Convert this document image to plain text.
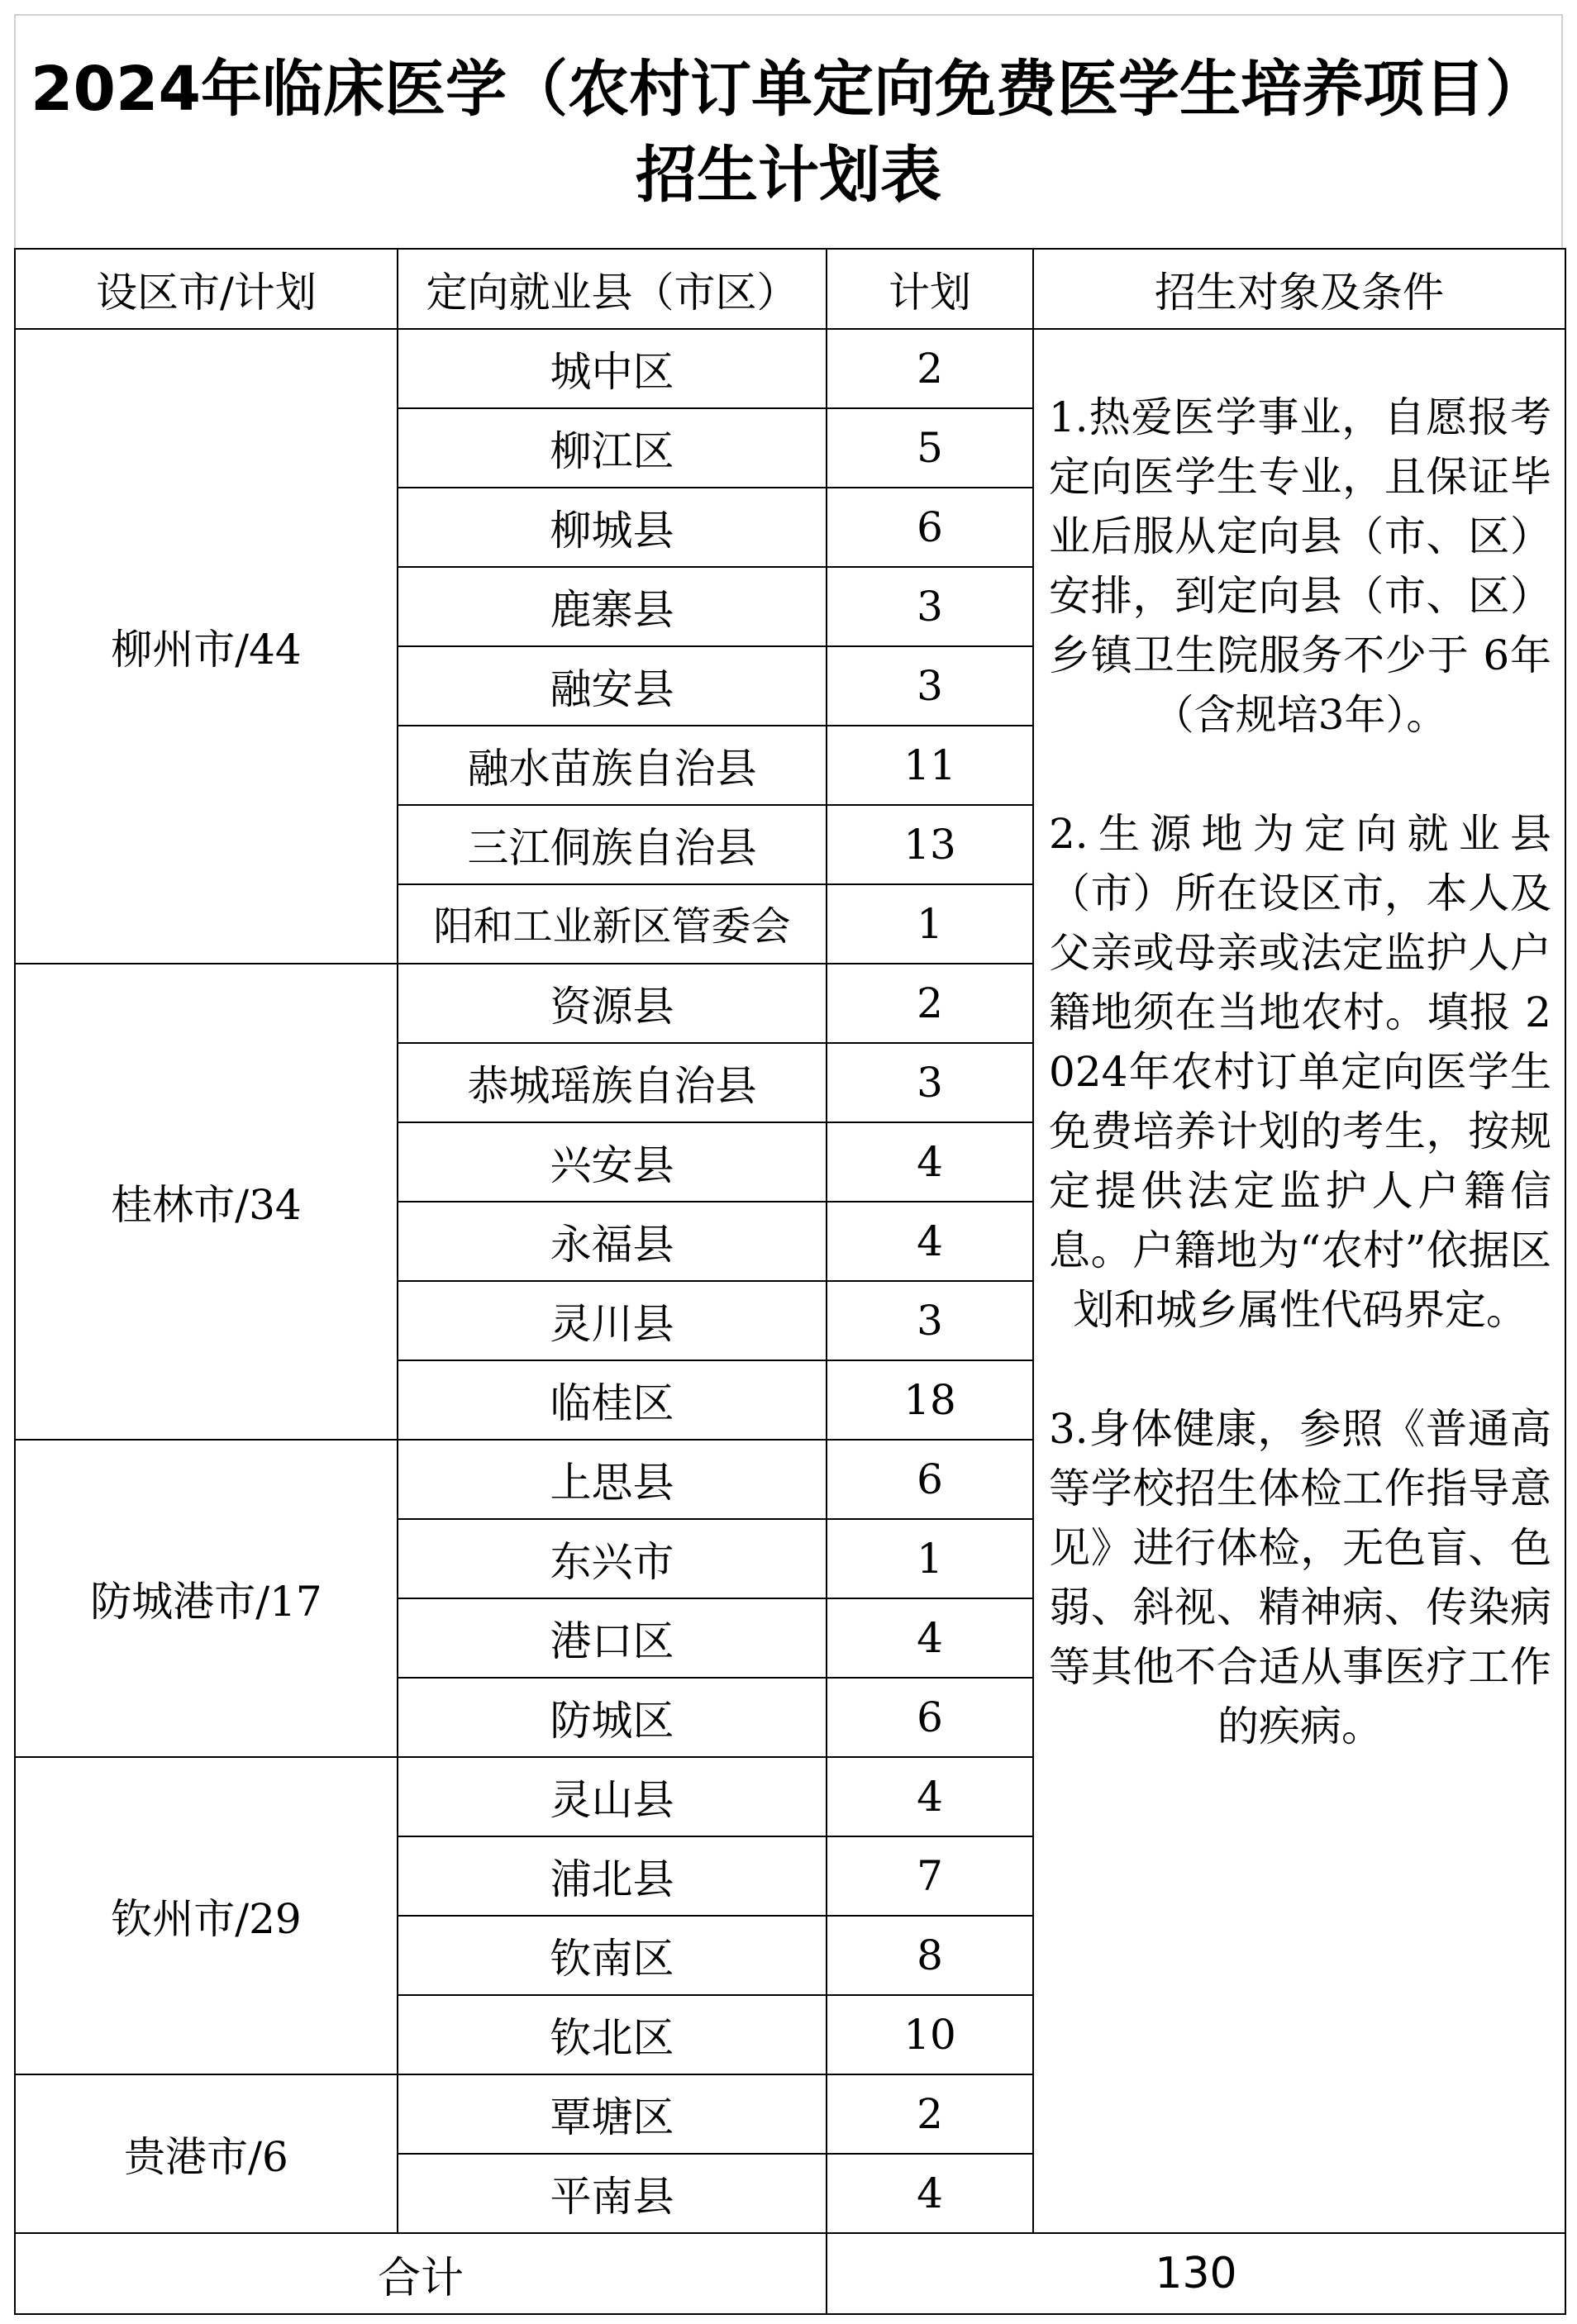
2024年临床医学（农村订单定向免费医学生培养项目）招生计划表
设区市/计划	定向就业县（市区）	计划	招生对象及条件
柳州市/44	城中区	2	1.热爱医学事业，自愿报考定向医学生专业，且保证毕业后服从定向县（市、区）安排，到定向县（市、区）乡镇卫生院服务不少于 6年（含规培3年）。

2.生源地为定向就业县（市）所在设区市，本人及父亲或母亲或法定监护人户籍地须在当地农村。填报 2024年农村订单定向医学生免费培养计划的考生，按规定提供法定监护人户籍信息。户籍地为“农村”依据区划和城乡属性代码界定。

3.身体健康，参照《普通高等学校招生体检工作指导意见》进行体检，无色盲、色弱、斜视、精神病、传染病等其他不合适从事医疗工作的疾病。

	柳江区	5	
	柳城县	6	
	鹿寨县	3	
	融安县	3	
	融水苗族自治县	11	
	三江侗族自治县	13	
	阳和工业新区管委会	1	
桂林市/34	资源县	2	
	恭城瑶族自治县	3	
	兴安县	4	
	永福县	4	
	灵川县	3	
	临桂区	18	
防城港市/17	上思县	6	
	东兴市	1	
	港口区	4	
	防城区	6	
钦州市/29	灵山县	4	
	浦北县	7	
	钦南区	8	
	钦北区	10	
贵港市/6	覃塘区	2	
	平南县	4	
合计		130	
